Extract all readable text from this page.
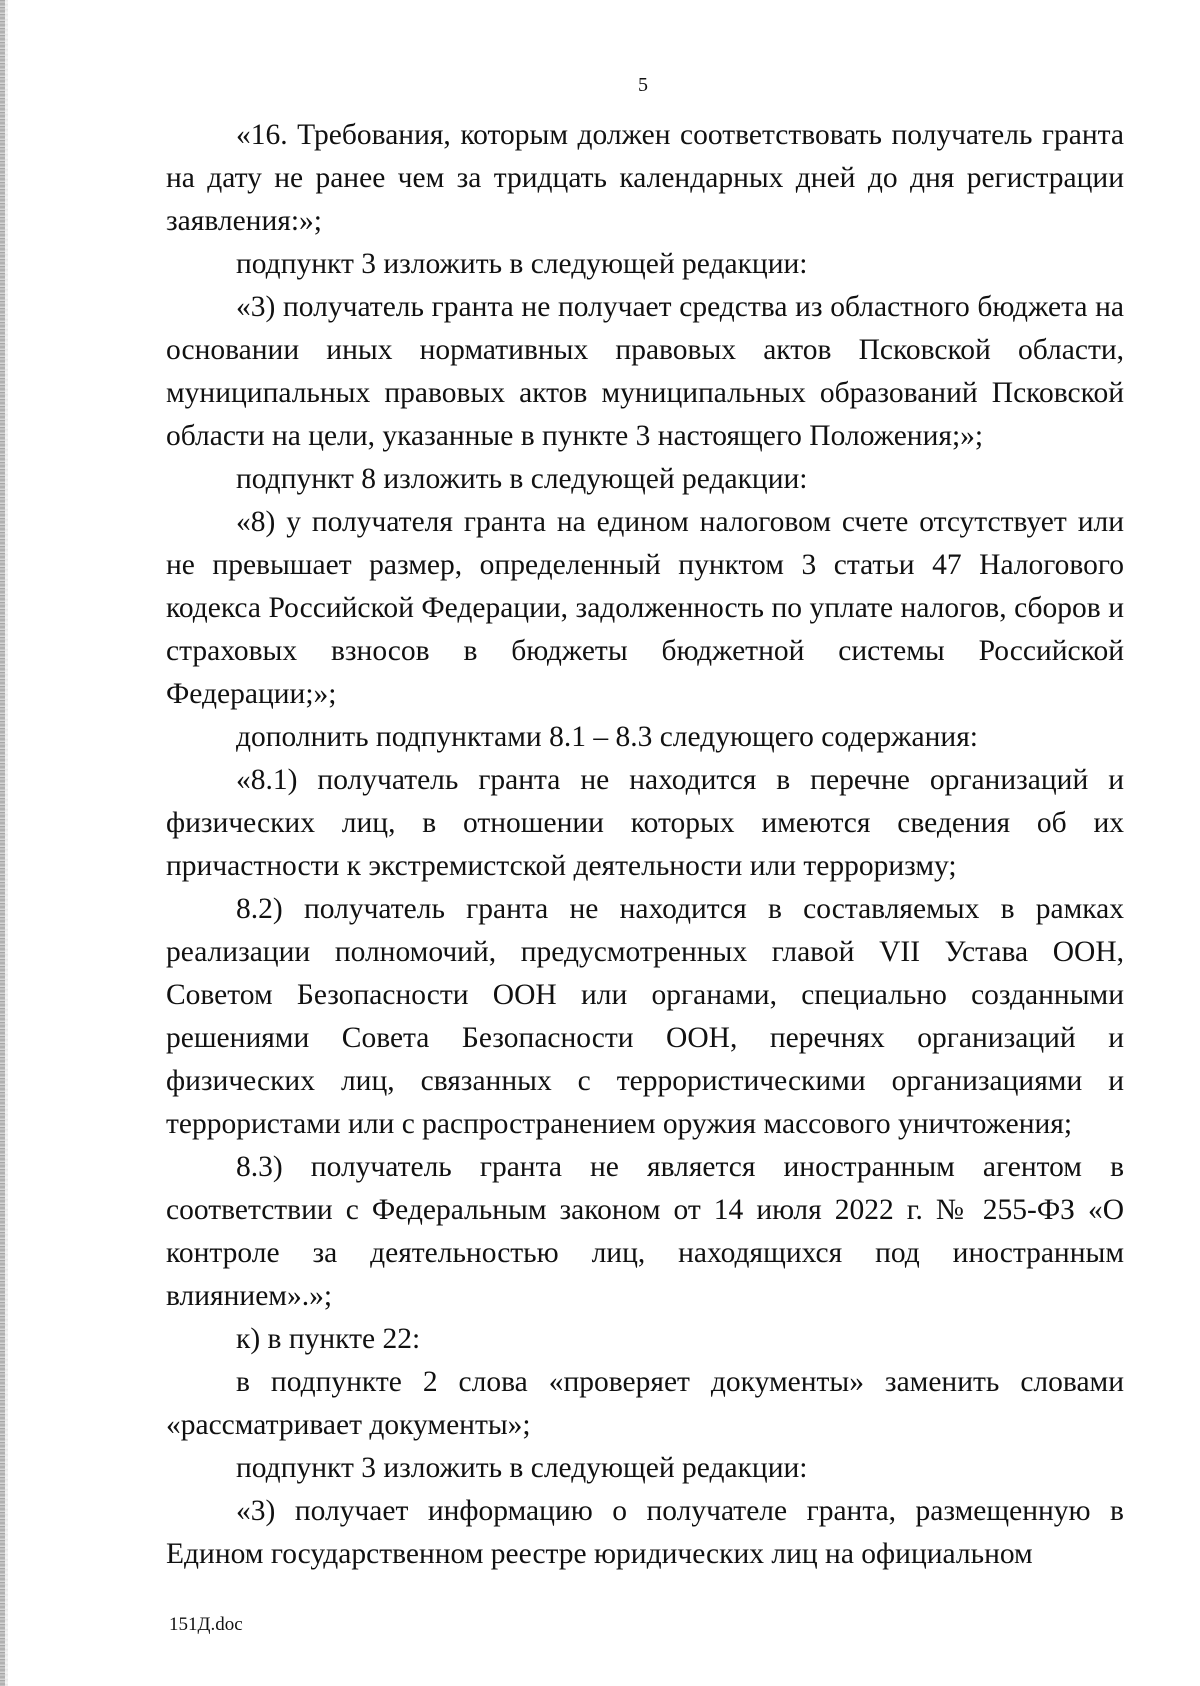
5

«16. Требования, которым должен соответствовать получатель гранта на дату не ранее чем за тридцать календарных дней до дня регистрации заявления:»;

подпункт 3 изложить в следующей редакции:

«3) получатель гранта не получает средства из областного бюджета на основании иных нормативных правовых актов Псковской области, муниципальных правовых актов муниципальных образований Псковской области на цели, указанные в пункте 3 настоящего Положения;»;

подпункт 8 изложить в следующей редакции:

«8) у получателя гранта на едином налоговом счете отсутствует или не превышает размер, определенный пунктом 3 статьи 47 Налогового кодекса Российской Федерации, задолженность по уплате налогов, сборов и страховых взносов в бюджеты бюджетной системы Российской Федерации;»;

дополнить подпунктами 8.1 – 8.3 следующего содержания:

«8.1) получатель гранта не находится в перечне организаций и физических лиц, в отношении которых имеются сведения об их причастности к экстремистской деятельности или терроризму;

8.2) получатель гранта не находится в составляемых в рамках реализации полномочий, предусмотренных главой VII Устава ООН, Советом Безопасности ООН или органами, специально созданными решениями Совета Безопасности ООН, перечнях организаций и физических лиц, связанных с террористическими организациями и террористами или с распространением оружия массового уничтожения;

8.3) получатель гранта не является иностранным агентом в соответствии с Федеральным законом от 14 июля 2022 г. № 255-ФЗ «О контроле за деятельностью лиц, находящихся под иностранным влиянием».»;

к) в пункте 22:

в подпункте 2 слова «проверяет документы» заменить словами «рассматривает документы»;

подпункт 3 изложить в следующей редакции:

«3) получает информацию о получателе гранта, размещенную в Едином государственном реестре юридических лиц на официальном

151Д.doc
